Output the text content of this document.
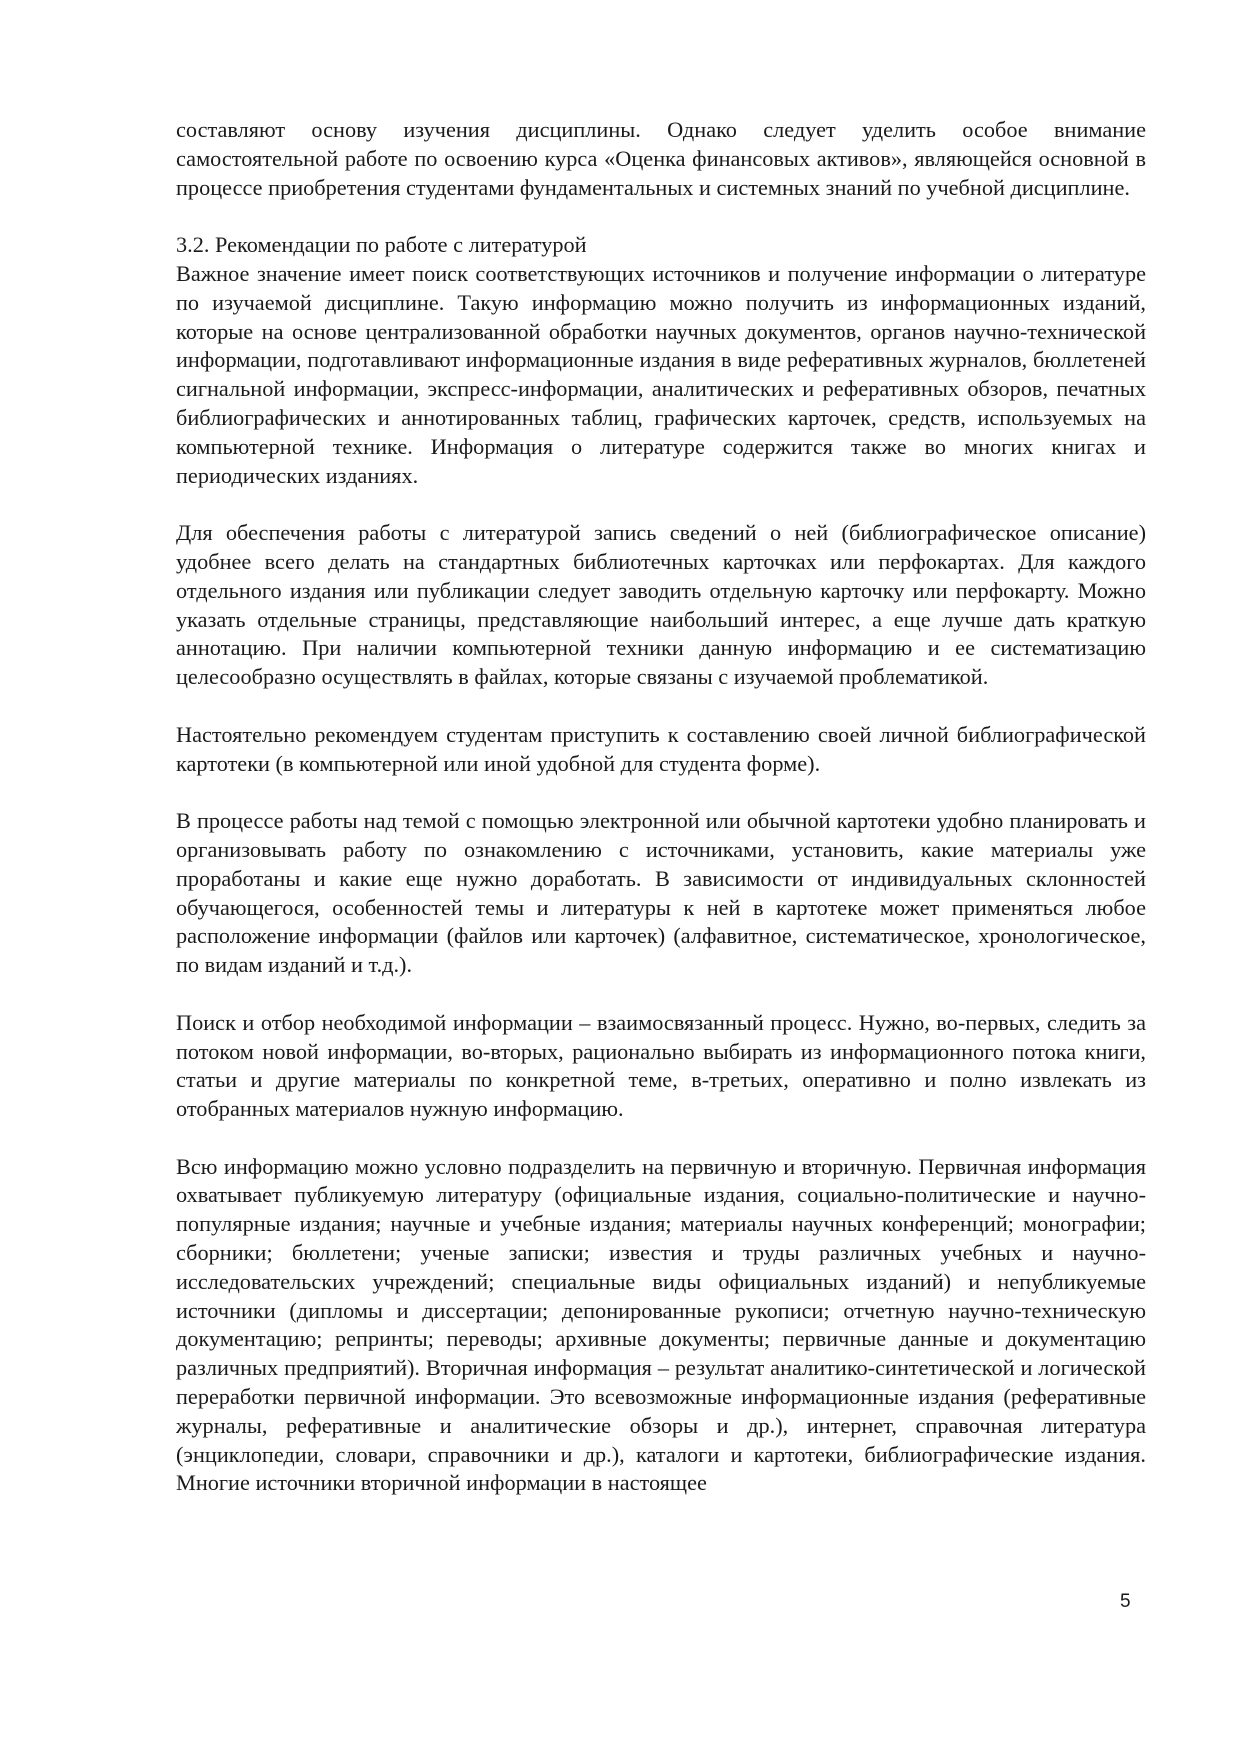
составляют основу изучения дисциплины. Однако следует уделить особое внимание самостоятельной работе по освоению курса «Оценка финансовых активов», являющейся основной в процессе приобретения студентами фундаментальных и системных знаний по учебной дисциплине.

3.2. Рекомендации по работе с литературой

Важное значение имеет поиск соответствующих источников и получение информации о литературе по изучаемой дисциплине. Такую информацию можно получить из информационных изданий, которые на основе централизованной обработки научных документов, органов научно-технической информации, подготавливают информационные издания в виде реферативных журналов, бюллетеней сигнальной информации, экспресс-информации, аналитических и реферативных обзоров, печатных библиографических и аннотированных таблиц, графических карточек, средств, используемых на компьютерной технике. Информация о литературе содержится также во многих книгах и периодических изданиях.

Для обеспечения работы с литературой запись сведений о ней (библиографическое описание) удобнее всего делать на стандартных библиотечных карточках или перфокартах. Для каждого отдельного издания или публикации следует заводить отдельную карточку или перфокарту. Можно указать отдельные страницы, представляющие наибольший интерес, а еще лучше дать краткую аннотацию. При наличии компьютерной техники данную информацию и ее систематизацию целесообразно осуществлять в файлах, которые связаны с изучаемой проблематикой.

Настоятельно рекомендуем студентам приступить к составлению своей личной библиографической картотеки (в компьютерной или иной удобной для студента форме).

В процессе работы над темой с помощью электронной или обычной картотеки удобно планировать и организовывать работу по ознакомлению с источниками, установить, какие материалы уже проработаны и какие еще нужно доработать. В зависимости от индивидуальных склонностей обучающегося, особенностей темы и литературы к ней в картотеке может применяться любое расположение информации (файлов или карточек) (алфавитное, систематическое, хронологическое, по видам изданий и т.д.).

Поиск и отбор необходимой информации – взаимосвязанный процесс. Нужно, во-первых, следить за потоком новой информации, во-вторых, рационально выбирать из информационного потока книги, статьи и другие материалы по конкретной теме, в-третьих, оперативно и полно извлекать из отобранных материалов нужную информацию.

Всю информацию можно условно подразделить на первичную и вторичную. Первичная информация охватывает публикуемую литературу (официальные издания, социально-политические и научно-популярные издания; научные и учебные издания; материалы научных конференций; монографии; сборники; бюллетени; ученые записки; известия и труды различных учебных и научно-исследовательских учреждений; специальные виды официальных изданий) и непубликуемые источники (дипломы и диссертации; депонированные рукописи; отчетную научно-техническую документацию; репринты; переводы; архивные документы; первичные данные и документацию различных предприятий). Вторичная информация – результат аналитико-синтетической и логической переработки первичной информации. Это всевозможные информационные издания (реферативные журналы, реферативные и аналитические обзоры и др.), интернет, справочная литература (энциклопедии, словари, справочники и др.), каталоги и картотеки, библиографические издания. Многие источники вторичной информации в настоящее

5
